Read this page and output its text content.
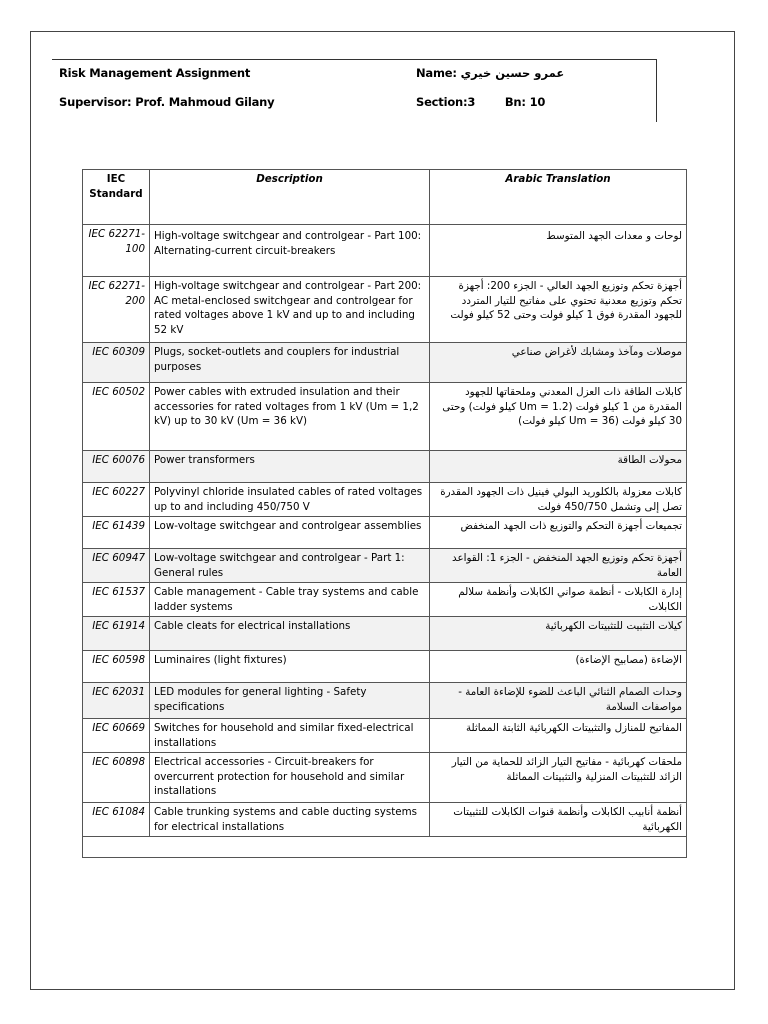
Risk Management Assignment	Name: عمرو حسين خيري
Supervisor: Prof. Mahmoud Gilany	Section:3	Bn: 10
IEC Standard	Description	Arabic Translation
IEC 62271-100	High-voltage switchgear and controlgear - Part 100: Alternating-current circuit-breakers	لوحات و معدات الجهد المتوسط
IEC 62271-200	High-voltage switchgear and controlgear - Part 200: AC metal-enclosed switchgear and controlgear for rated voltages above 1 kV and up to and including 52 kV	أجهزة تحكم وتوزيع الجهد العالي - الجزء 200: أجهزة تحكم وتوزيع معدنية تحتوي على مفاتيح للتيار المتردد للجهود المقدرة فوق 1 كيلو فولت وحتى 52 كيلو فولت
IEC 60309	Plugs, socket-outlets and couplers for industrial purposes	موصلات ومآخذ ومشابك لأغراض صناعي
IEC 60502	Power cables with extruded insulation and their accessories for rated voltages from 1 kV (Um = 1,2 kV) up to 30 kV (Um = 36 kV)	كابلات الطاقة ذات العزل المعدني وملحقاتها للجهود المقدرة من 1 كيلو فولت (Um = 1.2 كيلو فولت) وحتى 30 كيلو فولت (Um = 36 كيلو فولت)
IEC 60076	Power transformers	محولات الطاقة
IEC 60227	Polyvinyl chloride insulated cables of rated voltages up to and including 450/750 V	كابلات معزولة بالكلوريد البولي فينيل ذات الجهود المقدرة تصل إلى وتشمل 450/750 فولت
IEC 61439	Low-voltage switchgear and controlgear assemblies	تجميعات أجهزة التحكم والتوزيع ذات الجهد المنخفض
IEC 60947	Low-voltage switchgear and controlgear - Part 1: General rules	أجهزة تحكم وتوزيع الجهد المنخفض - الجزء 1: القواعد العامة
IEC 61537	Cable management - Cable tray systems and cable ladder systems	إدارة الكابلات - أنظمة صواني الكابلات وأنظمة سلالم الكابلات
IEC 61914	Cable cleats for electrical installations	كيلات التثبيت للتثبيتات الكهربائية
IEC 60598	Luminaires (light fixtures)	الإضاءة (مصابيح الإضاءة)
IEC 62031	LED modules for general lighting - Safety specifications	وحدات الصمام الثنائي الباعث للضوء للإضاءة العامة - مواصفات السلامة
IEC 60669	Switches for household and similar fixed-electrical installations	المفاتيح للمنازل والتثبيتات الكهربائية الثابتة المماثلة
IEC 60898	Electrical accessories - Circuit-breakers for overcurrent protection for household and similar installations	ملحقات كهربائية - مفاتيح التيار الزائد للحماية من التيار الزائد للتثبيتات المنزلية والتثبيتات المماثلة
IEC 61084	Cable trunking systems and cable ducting systems for electrical installations	أنظمة أنابيب الكابلات وأنظمة قنوات الكابلات للتثبيتات الكهربائية
